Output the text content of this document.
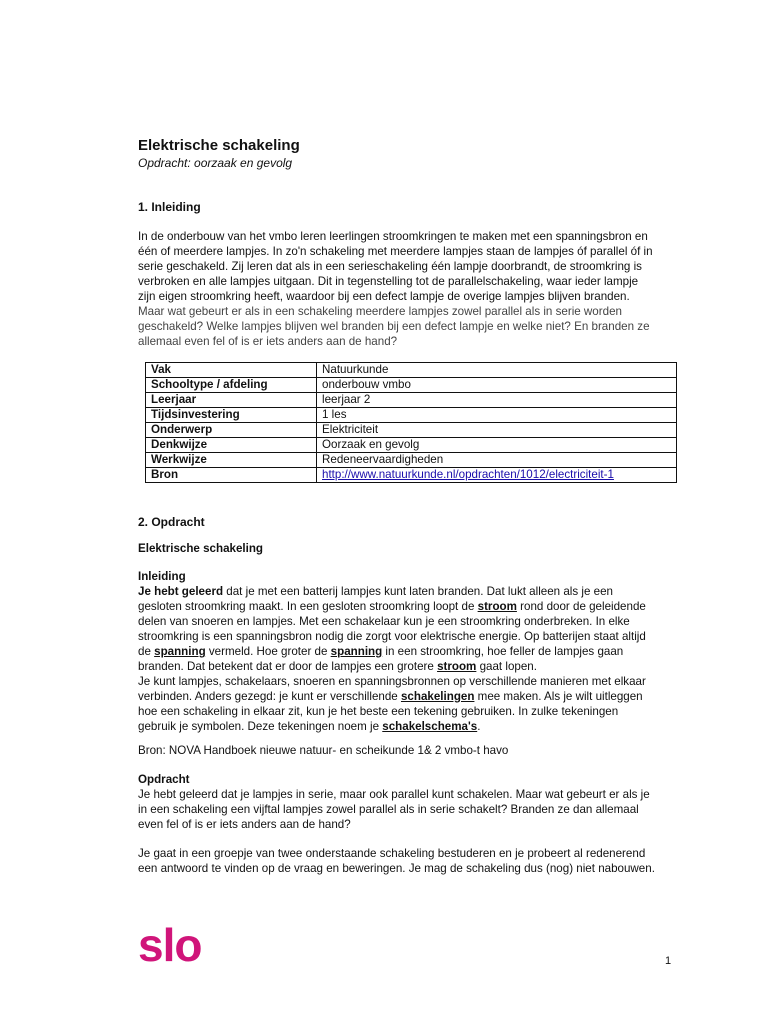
Elektrische schakeling
Opdracht: oorzaak en gevolg
1. Inleiding

In de onderbouw van het vmbo leren leerlingen stroomkringen te maken met een spanningsbron en één of meerdere lampjes. In zo'n schakeling met meerdere lampjes staan de lampjes óf parallel óf in serie geschakeld. Zij leren dat als in een serieschakeling één lampje doorbrandt, de stroomkring is verbroken en alle lampjes uitgaan. Dit in tegenstelling tot de parallelschakeling, waar ieder lampje zijn eigen stroomkring heeft, waardoor bij een defect lampje de overige lampjes blijven branden. Maar wat gebeurt er als in een schakeling meerdere lampjes zowel parallel als in serie worden geschakeld? Welke lampjes blijven wel branden bij een defect lampje en welke niet? En branden ze allemaal even fel of is er iets anders aan de hand?

Vak	Natuurkunde
Schooltype / afdeling	onderbouw vmbo
Leerjaar	leerjaar 2
Tijdsinvestering	1 les
Onderwerp	Elektriciteit
Denkwijze	Oorzaak en gevolg
Werkwijze	Redeneervaardigheden
Bron	http://www.natuurkunde.nl/opdrachten/1012/electriciteit-1
2. Opdracht

Elektrische schakeling

Inleiding
Je hebt geleerd dat je met een batterij lampjes kunt laten branden. Dat lukt alleen als je een gesloten stroomkring maakt. In een gesloten stroomkring loopt de stroom rond door de geleidende delen van snoeren en lampjes. Met een schakelaar kun je een stroomkring onderbreken. In elke stroomkring is een spanningsbron nodig die zorgt voor elektrische energie. Op batterijen staat altijd de spanning vermeld. Hoe groter de spanning in een stroomkring, hoe feller de lampjes gaan branden. Dat betekent dat er door de lampjes een grotere stroom gaat lopen.
Je kunt lampjes, schakelaars, snoeren en spanningsbronnen op verschillende manieren met elkaar verbinden. Anders gezegd: je kunt er verschillende schakelingen mee maken. Als je wilt uitleggen hoe een schakeling in elkaar zit, kun je het beste een tekening gebruiken. In zulke tekeningen gebruik je symbolen. Deze tekeningen noem je schakelschema's.

Bron: NOVA Handboek nieuwe natuur- en scheikunde 1& 2 vmbo-t havo

Opdracht
Je hebt geleerd dat je lampjes in serie, maar ook parallel kunt schakelen. Maar wat gebeurt er als je in een schakeling een vijftal lampjes zowel parallel als in serie schakelt? Branden ze dan allemaal even fel of is er iets anders aan de hand?

Je gaat in een groepje van twee onderstaande schakeling bestuderen en je probeert al redenerend een antwoord te vinden op de vraag en beweringen. Je mag de schakeling dus (nog) niet nabouwen.

slo	1
